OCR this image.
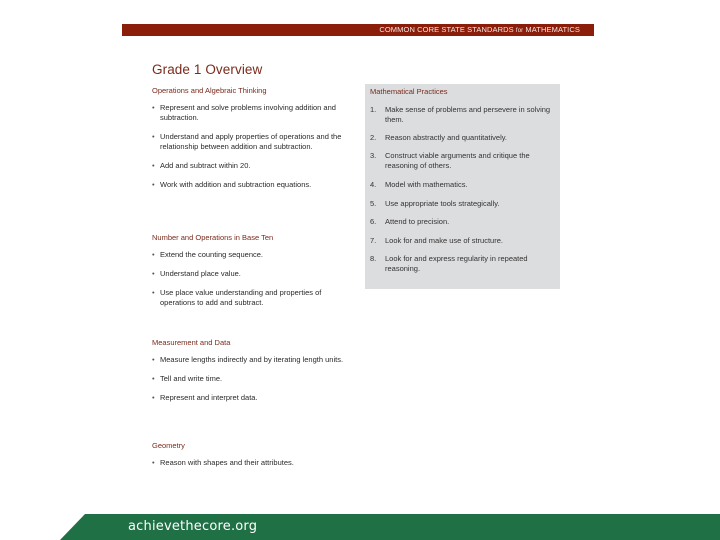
COMMON CORE STATE STANDARDS for MATHEMATICS
Grade 1 Overview
Operations and Algebraic Thinking
• Represent and solve problems involving addition and subtraction.
• Understand and apply properties of operations and the relationship between addition and subtraction.
• Add and subtract within 20.
• Work with addition and subtraction equations.
Number and Operations in Base Ten
• Extend the counting sequence.
• Understand place value.
• Use place value understanding and properties of operations to add and subtract.
Measurement and Data
• Measure lengths indirectly and by iterating length units.
• Tell and write time.
• Represent and interpret data.
Geometry
• Reason with shapes and their attributes.
Mathematical Practices
1.	Make sense of problems and persevere in solving them.
2.	Reason abstractly and quantitatively.
3.	Construct viable arguments and critique the reasoning of others.
4.	Model with mathematics.
5.	Use appropriate tools strategically.
6.	Attend to precision.
7.	Look for and make use of structure.
8.	Look for and express regularity in repeated reasoning.
achievethecore.org
